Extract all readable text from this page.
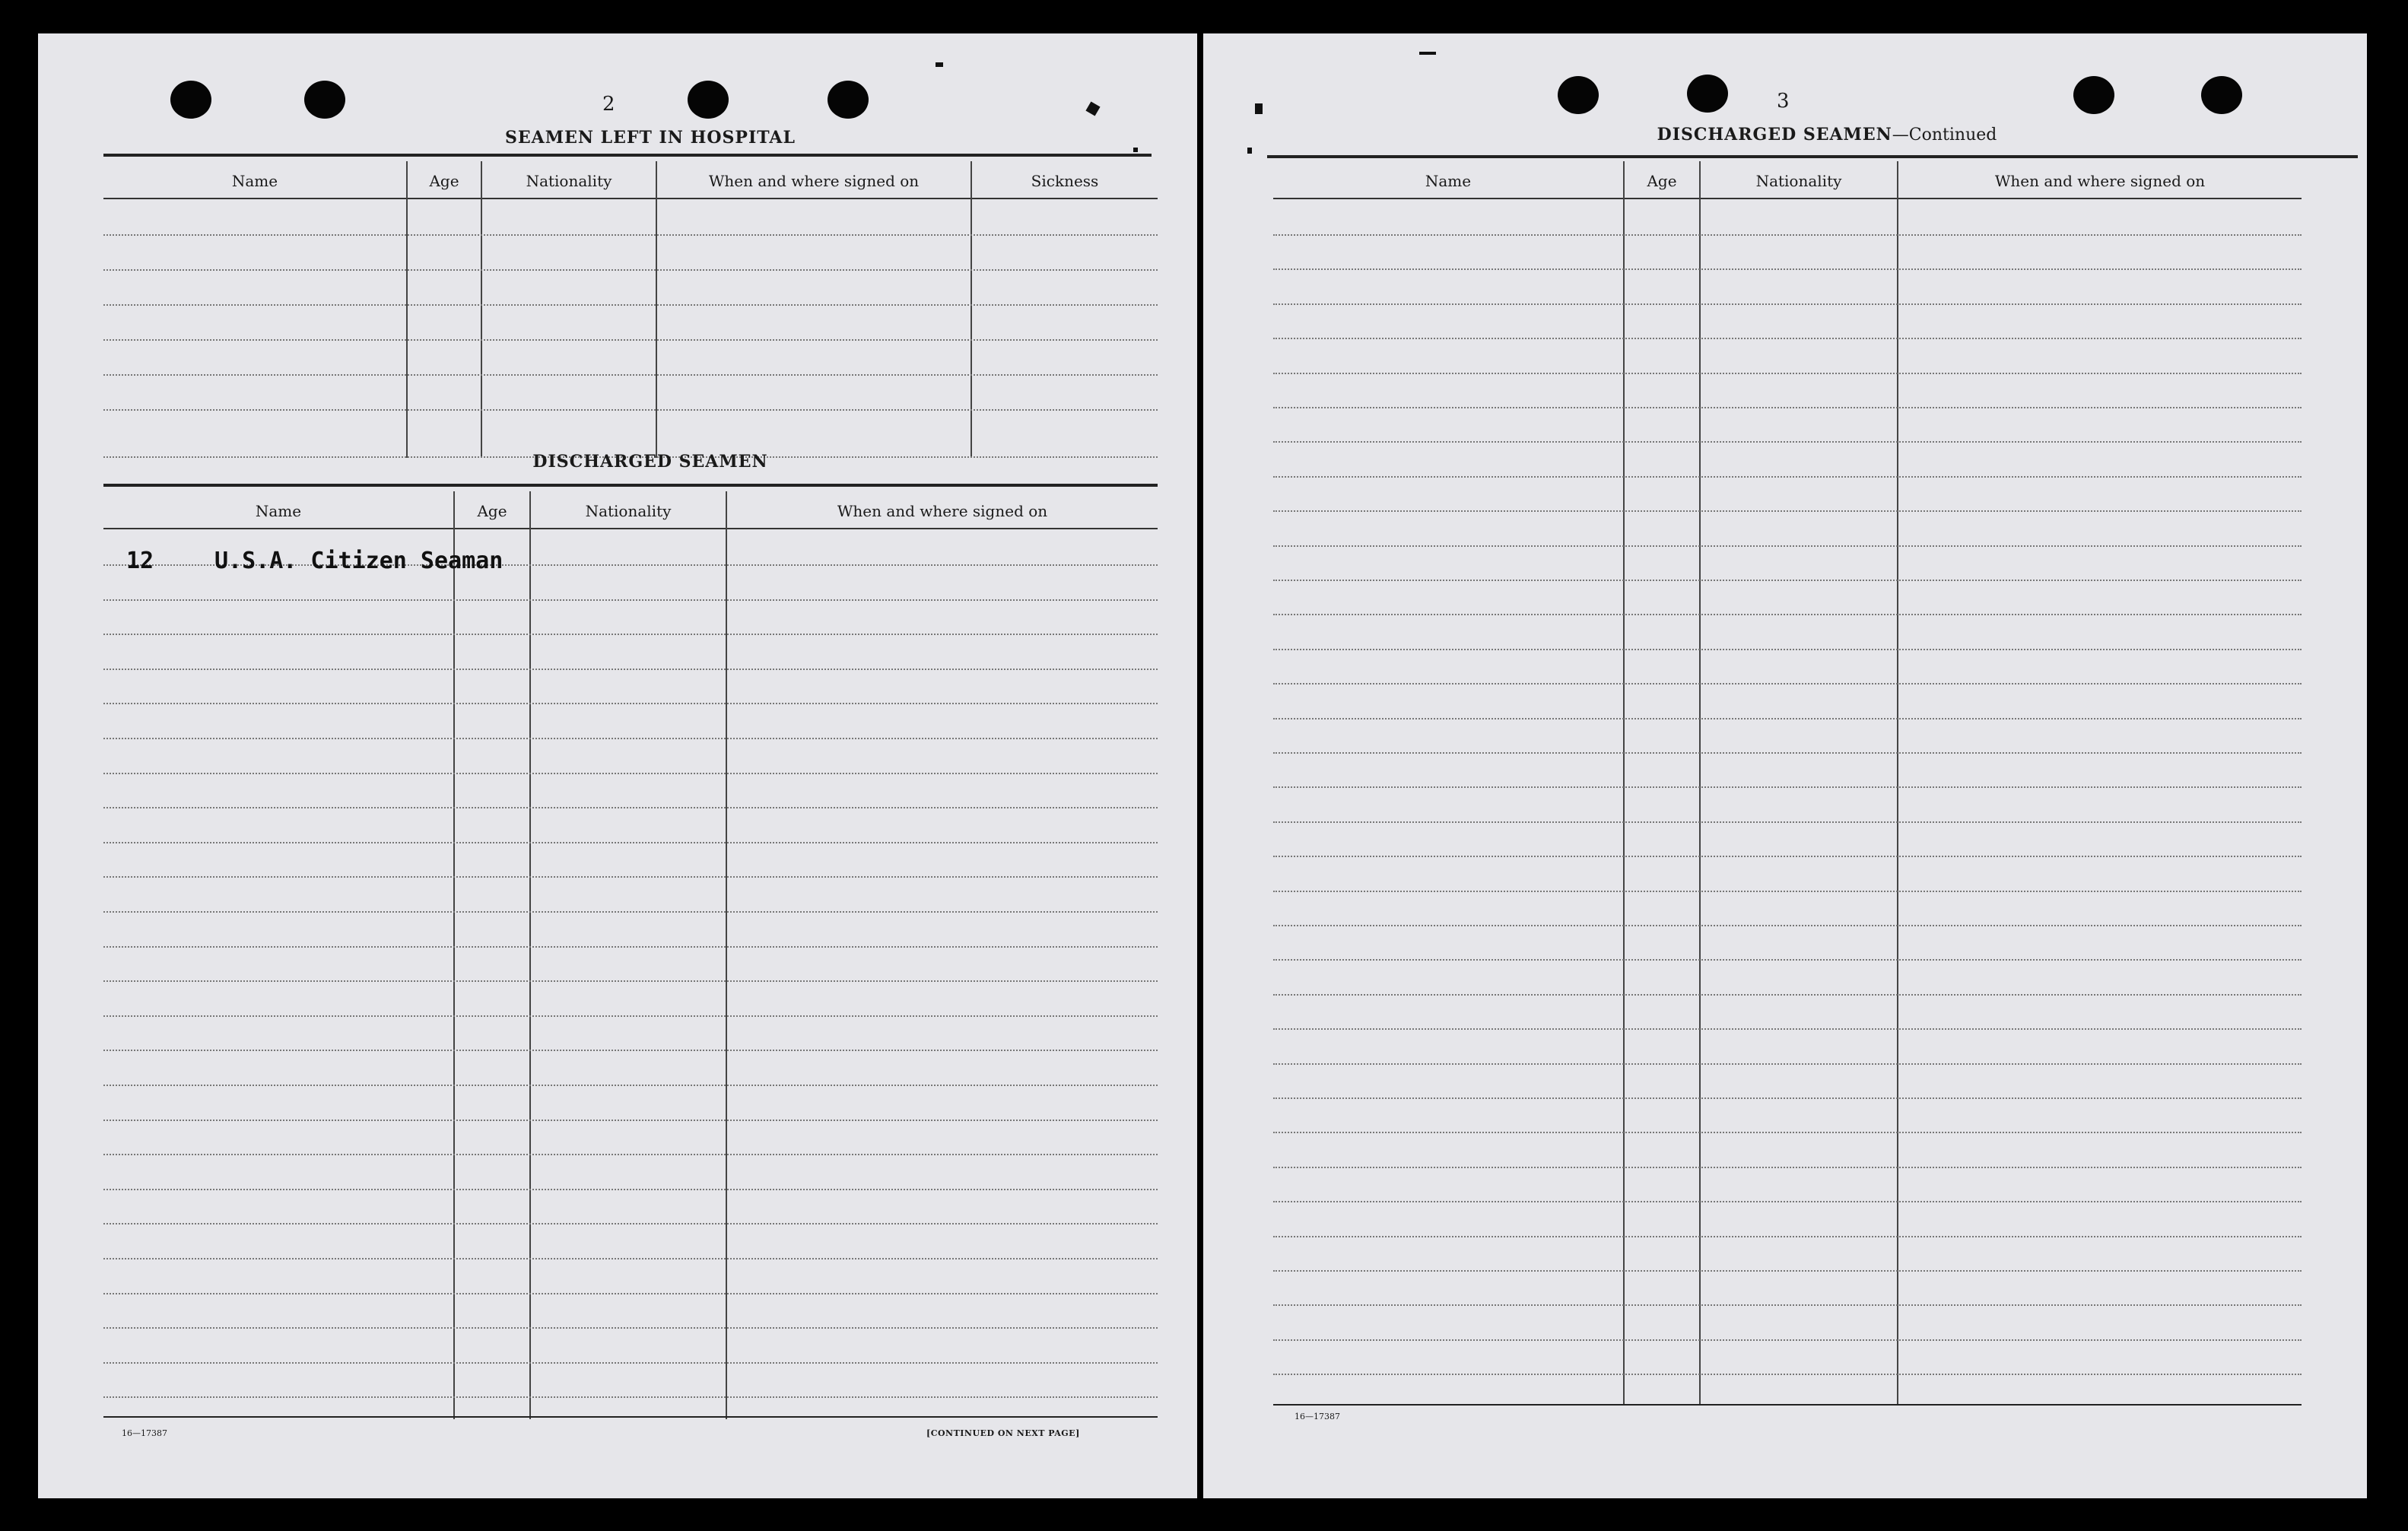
2
SEAMEN LEFT IN HOSPITAL
Name	Age	Nationality	When and where signed on	Sickness
DISCHARGED SEAMEN
Name	Age	Nationality	When and where signed on
12	U.S.A. Citizen Seaman
16—17387	[CONTINUED ON NEXT PAGE]
3
DISCHARGED SEAMEN—Continued
Name	Age	Nationality	When and where signed on
16—17387
